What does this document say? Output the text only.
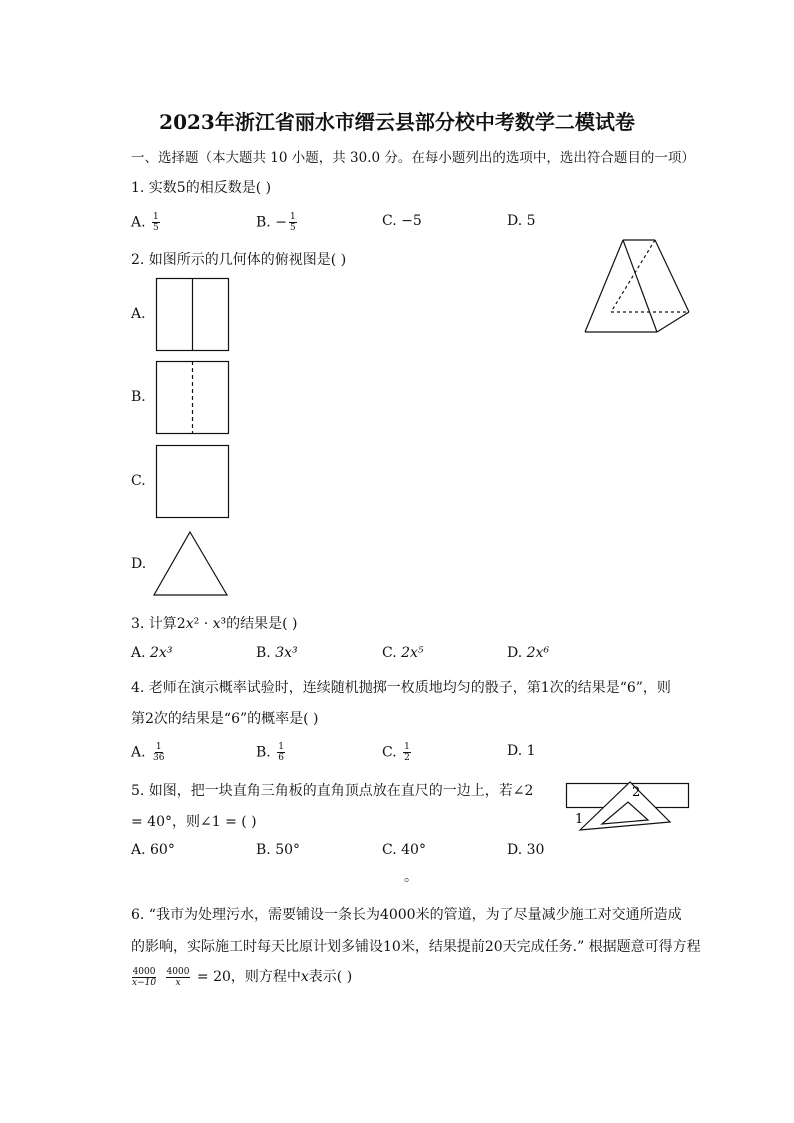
2023年浙江省丽水市缙云县部分校中考数学二模试卷
一、选择题（本大题共 10 小题，共 30.0 分。在每小题列出的选项中，选出符合题目的一项）
1. 实数5的相反数是( )
A. $\frac{1}{5}$	B. − $\frac{1}{5}$	C. −5	D. 5
2. 如图所示的几何体的俯视图是( )
A.
B.
C.
D.
3. 计算2x² · x³的结果是( )
A. 2x³	B. 3x³	C. 2x⁵	D. 2x⁶
4. 老师在演示概率试验时，连续随机抛掷一枚质地均匀的骰子，第1次的结果是“6”，则
第2次的结果是“6”的概率是( )
A. $\frac{1}{36}$	B. $\frac{1}{6}$	C. $\frac{1}{2}$	D. 1
5. 如图，把一块直角三角板的直角顶点放在直尺的一边上，若∠2
= 40°，则∠1 = ( )
2
1
A. 60°	B. 50°	C. 40°	D. 30
。
6. “我市为处理污水，需要铺设一条长为4000米的管道，为了尽量减少施工对交通所造成
的影响，实际施工时每天比原计划多铺设10米，结果提前20天完成任务.” 根据题意可得方程
$\frac{4000}{x-10}$
$\frac{4000}{x} = 20$，则方程中x表示( )
